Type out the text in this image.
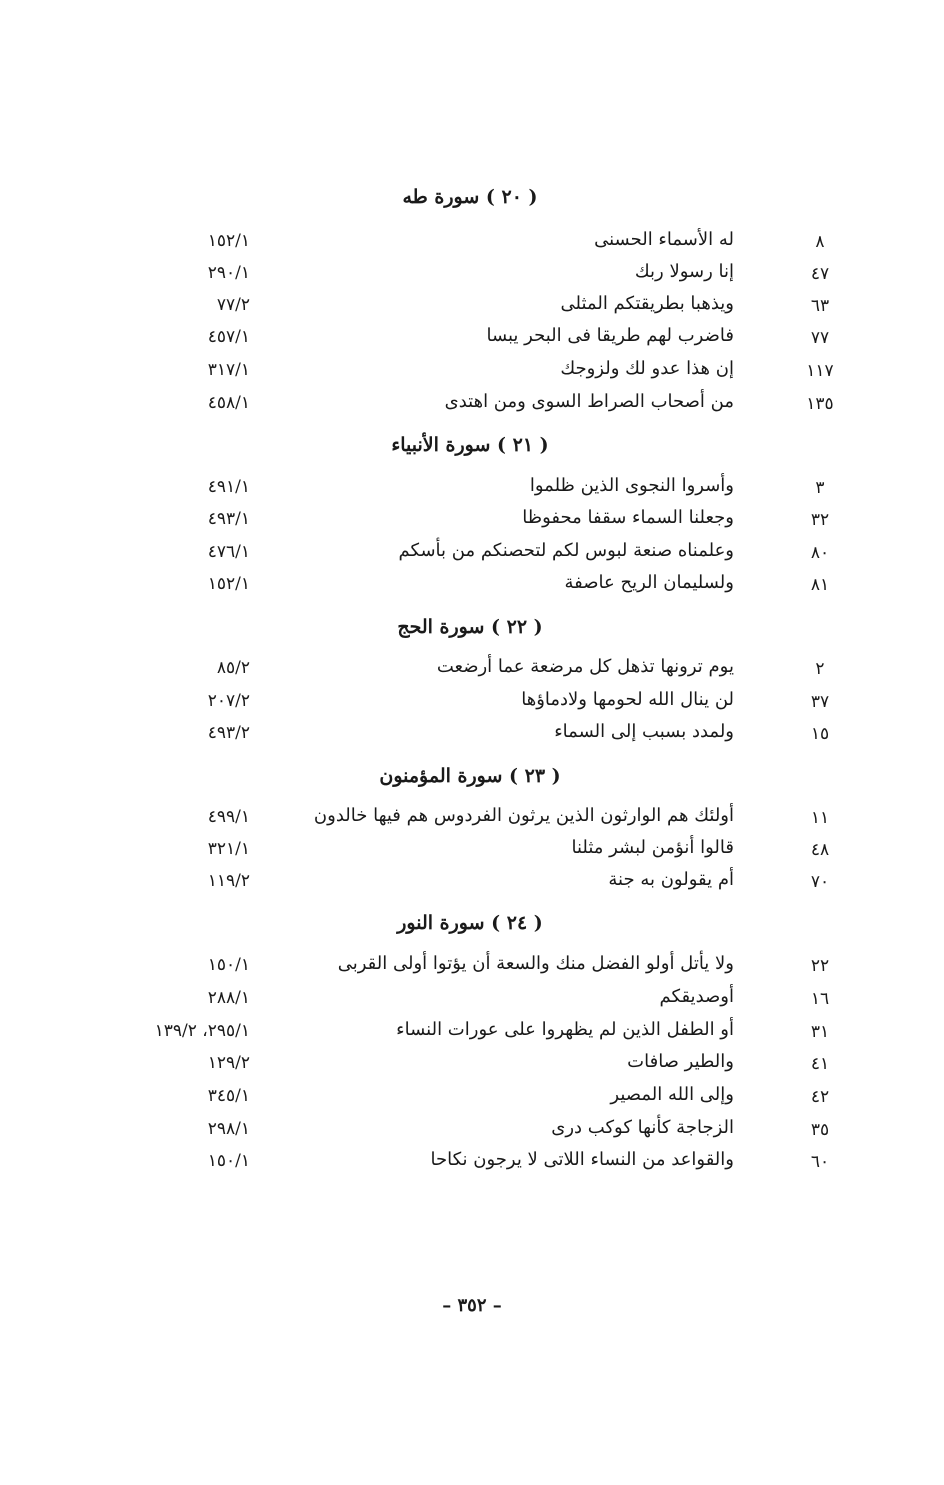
( ٢٠ ) سورة طه
٨
له الأسماء الحسنى
١٥٢/١
٤٧
إنا رسولا ربك
٢٩٠/١
٦٣
ويذهبا بطريقتكم المثلى
٧٧/٢
٧٧
فاضرب لهم طريقا فى البحر يبسا
٤٥٧/١
١١٧
إن هذا عدو لك ولزوجك
٣١٧/١
١٣٥
من أصحاب الصراط السوى ومن اهتدى
٤٥٨/١
( ٢١ ) سورة الأنبياء
٣
وأسروا النجوى الذين ظلموا
٤٩١/١
٣٢
وجعلنا السماء سقفا محفوظا
٤٩٣/١
٨٠
وعلمناه صنعة لبوس لكم لتحصنكم من بأسكم
٤٧٦/١
٨١
ولسليمان الريح عاصفة
١٥٢/١
( ٢٢ ) سورة الحج
٢
يوم ترونها تذهل كل مرضعة عما أرضعت
٨٥/٢
٣٧
لن ينال الله لحومها ولادماؤها
٢٠٧/٢
١٥
ولمدد بسبب إلى السماء
٤٩٣/٢
( ٢٣ ) سورة المؤمنون
١١
أولئك هم الوارثون الذين يرثون الفردوس هم فيها خالدون
٤٩٩/١
٤٨
قالوا أنؤمن لبشر مثلنا
٣٢١/١
٧٠
أم يقولون به جنة
١١٩/٢
( ٢٤ ) سورة النور
٢٢
ولا يأتل أولو الفضل منك والسعة أن يؤتوا أولى القربى
١٥٠/١
١٦
أوصديقكم
٢٨٨/١
٣١
أو الطفل الذين لم يظهروا على عورات النساء
٢٩٥/١، ١٣٩/٢
٤١
والطير صافات
١٢٩/٢
٤٢
وإلى الله المصير
٣٤٥/١
٣٥
الزجاجة كأنها كوكب درى
٢٩٨/١
٦٠
والقواعد من النساء اللاتى لا يرجون نكاحا
١٥٠/١
– ٣٥٢ –
